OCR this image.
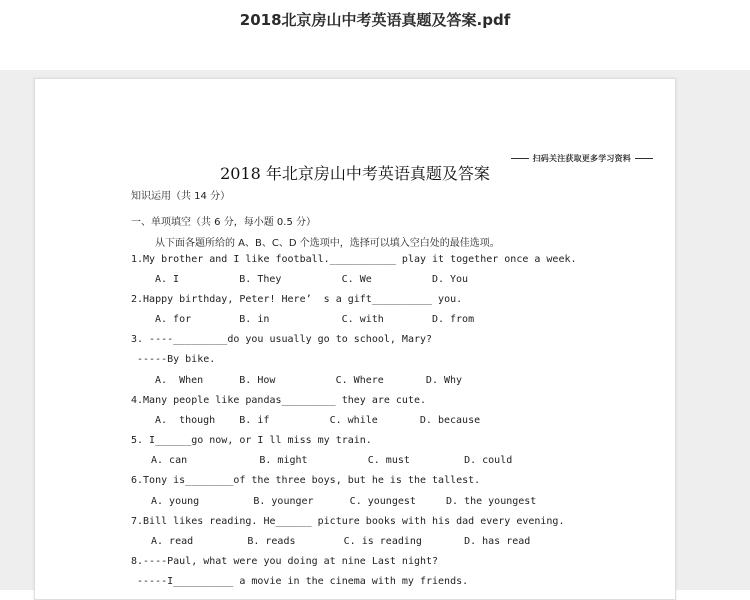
2018北京房山中考英语真题及答案.pdf
扫码关注获取更多学习资料
2018 年北京房山中考英语真题及答案
知识运用（共 14 分）
一、单项填空（共 6 分，每小题 0.5 分）
从下面各题所给的 A、B、C、D 个选项中，选择可以填入空白处的最佳选项。
1.My brother and I like football.___________ play it together once a week.
A. I          B. They          C. We          D. You
2.Happy birthday, Peter! Here’  s a gift__________ you.
A. for        B. in            C. with        D. from
3. ----_________do you usually go to school, Mary?
-----By bike.
A.  When      B. How          C. Where       D. Why
4.Many people like pandas_________ they are cute.
A.  though    B. if          C. while       D. because
5. I______go now, or I ll miss my train.
A. can            B. might          C. must         D. could
6.Tony is________of the three boys, but he is the tallest.
A. young         B. younger      C. youngest     D. the youngest
7.Bill likes reading. He______ picture books with his dad every evening.
A. read         B. reads        C. is reading       D. has read
8.----Paul, what were you doing at nine Last night?
-----I__________ a movie in the cinema with my friends.
